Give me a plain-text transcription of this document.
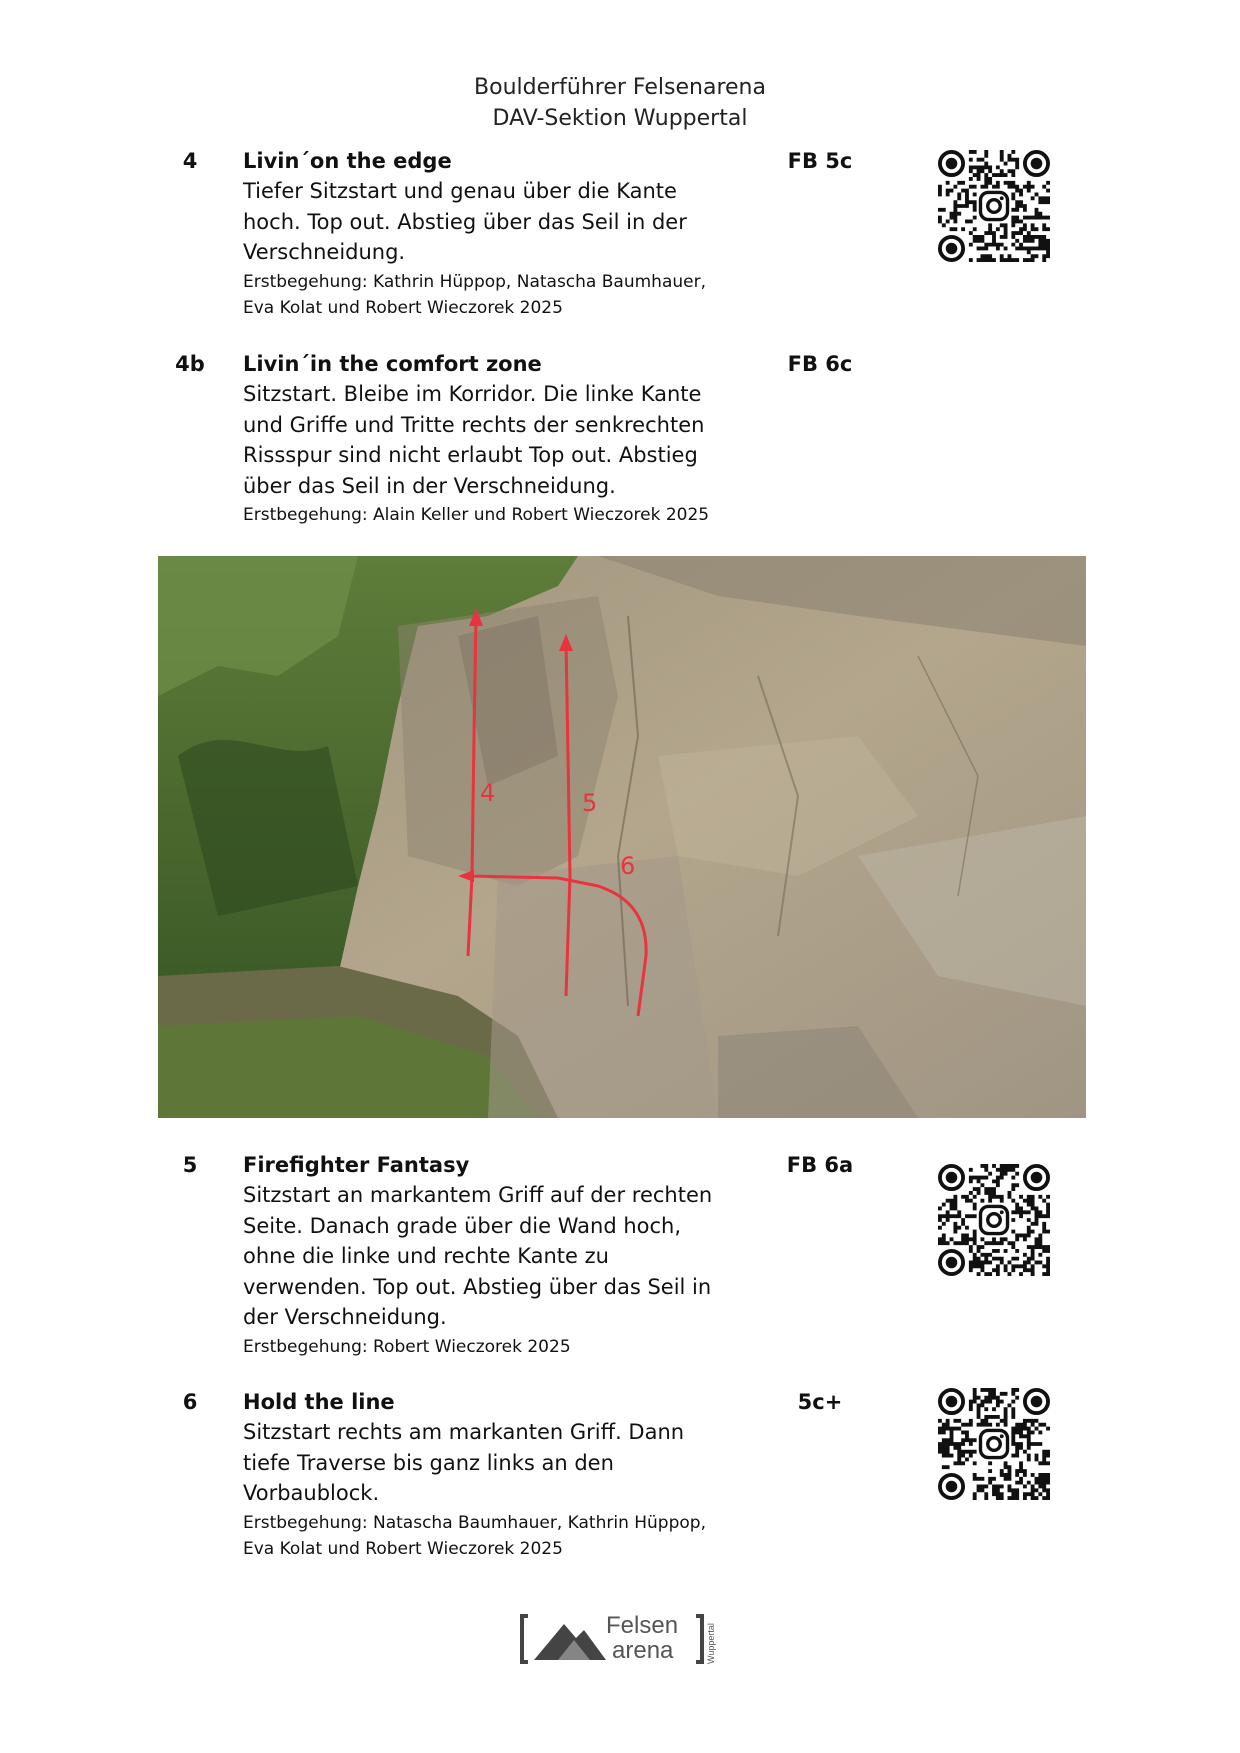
Boulderführer Felsenarena
DAV-Sektion Wuppertal
4	Livin´on the edge
Tiefer Sitzstart und genau über die Kante
hoch. Top out. Abstieg über das Seil in der
Verschneidung.
Erstbegehung: Kathrin Hüppop, Natascha Baumhauer,
Eva Kolat und Robert Wieczorek 2025
FB 5c
4b	Livin´in the comfort zone
Sitzstart. Bleibe im Korridor. Die linke Kante
und Griffe und Tritte rechts der senkrechten
Rissspur sind nicht erlaubt Top out. Abstieg
über das Seil in der Verschneidung.
Erstbegehung: Alain Keller und Robert Wieczorek 2025
FB 6c
4	5
6
5	Firefighter Fantasy
Sitzstart an markantem Griff auf der rechten
Seite. Danach grade über die Wand hoch,
ohne die linke und rechte Kante zu
verwenden. Top out. Abstieg über das Seil in
der Verschneidung.
Erstbegehung: Robert Wieczorek 2025
FB 6a
6	Hold the line
Sitzstart rechts am markanten Griff. Dann
tiefe Traverse bis ganz links an den
Vorbaublock.
Erstbegehung: Natascha Baumhauer, Kathrin Hüppop,
Eva Kolat und Robert Wieczorek 2025
5c+
Felsen
arena	Wuppertal
